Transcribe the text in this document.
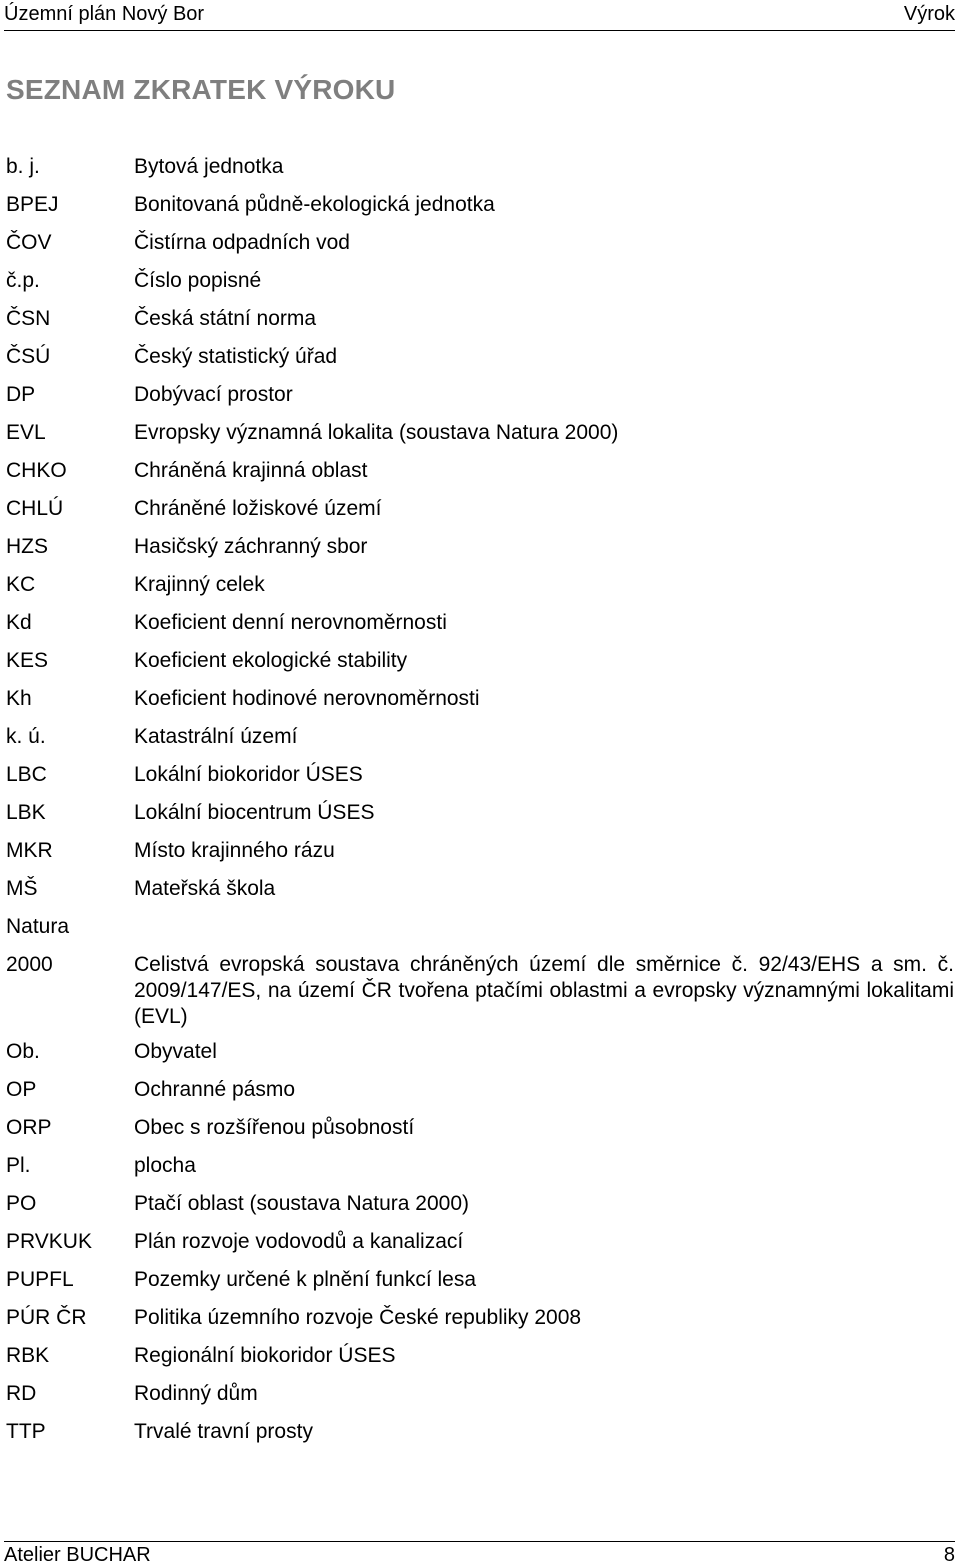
Územní plán Nový Bor	Výrok
SEZNAM ZKRATEK VÝROKU
b. j.	Bytová jednotka
BPEJ	Bonitovaná půdně-ekologická jednotka
ČOV	Čistírna odpadních vod
č.p.	Číslo popisné
ČSN	Česká státní norma
ČSÚ	Český statistický úřad
DP	Dobývací prostor
EVL	Evropsky významná lokalita (soustava Natura 2000)
CHKO	Chráněná krajinná oblast
CHLÚ	Chráněné ložiskové území
HZS	Hasičský záchranný sbor
KC	Krajinný celek
Kd	Koeficient denní nerovnoměrnosti
KES	Koeficient ekologické stability
Kh	Koeficient hodinové nerovnoměrnosti
k. ú.	Katastrální území
LBC	Lokální biokoridor ÚSES
LBK	Lokální biocentrum ÚSES
MKR	Místo krajinného rázu
MŠ	Mateřská škola
Natura
2000	Celistvá evropská soustava chráněných území dle směrnice č. 92/43/EHS a sm. č. 2009/147/ES, na území ČR tvořena ptačími oblastmi a evropsky významnými lokalitami (EVL)
Ob.	Obyvatel
OP	Ochranné pásmo
ORP	Obec s rozšířenou působností
Pl.	plocha
PO	Ptačí oblast (soustava Natura 2000)
PRVKUK	Plán rozvoje vodovodů a kanalizací
PUPFL	Pozemky určené k plnění funkcí lesa
PÚR ČR	Politika územního rozvoje České republiky 2008
RBK	Regionální biokoridor ÚSES
RD	Rodinný dům
TTP	Trvalé travní prosty
Atelier BUCHAR	8
